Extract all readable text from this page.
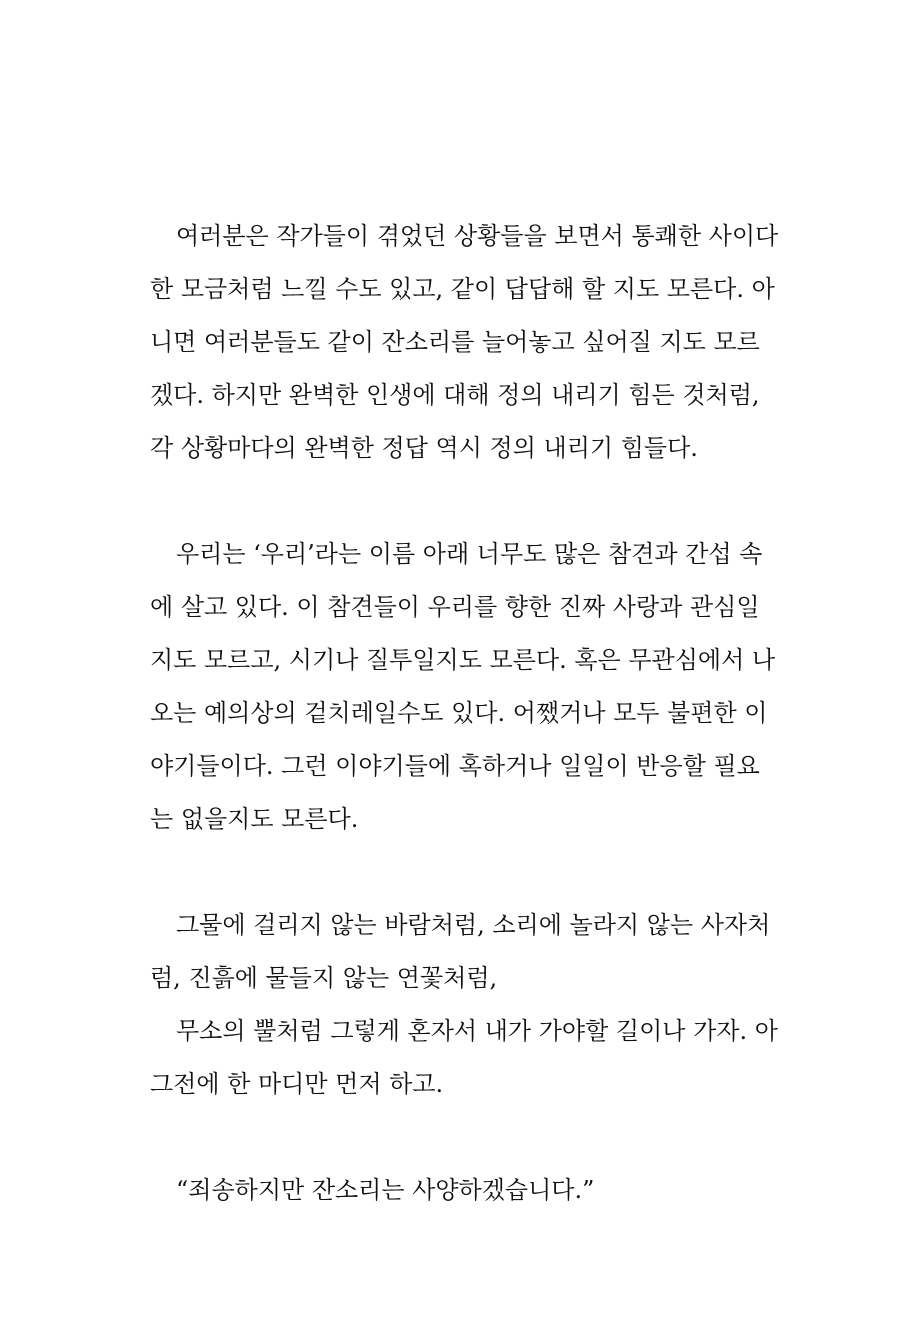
여러분은 작가들이 겪었던 상황들을 보면서 통쾌한 사이다
한 모금처럼 느낄 수도 있고, 같이 답답해 할 지도 모른다. 아
니면 여러분들도 같이 잔소리를 늘어놓고 싶어질 지도 모르
겠다. 하지만 완벽한 인생에 대해 정의 내리기 힘든 것처럼,
각 상황마다의 완벽한 정답 역시 정의 내리기 힘들다.
우리는 ‘우리’라는 이름 아래 너무도 많은 참견과 간섭 속
에 살고 있다. 이 참견들이 우리를 향한 진짜 사랑과 관심일
지도 모르고, 시기나 질투일지도 모른다. 혹은 무관심에서 나
오는 예의상의 겉치레일수도 있다. 어쨌거나 모두 불편한 이
야기들이다. 그런 이야기들에 혹하거나 일일이 반응할 필요
는 없을지도 모른다.
그물에 걸리지 않는 바람처럼, 소리에 놀라지 않는 사자처
럼, 진흙에 물들지 않는 연꽃처럼,
무소의 뿔처럼 그렇게 혼자서 내가 가야할 길이나 가자. 아
그전에 한 마디만 먼저 하고.
“죄송하지만 잔소리는 사양하겠습니다.”
